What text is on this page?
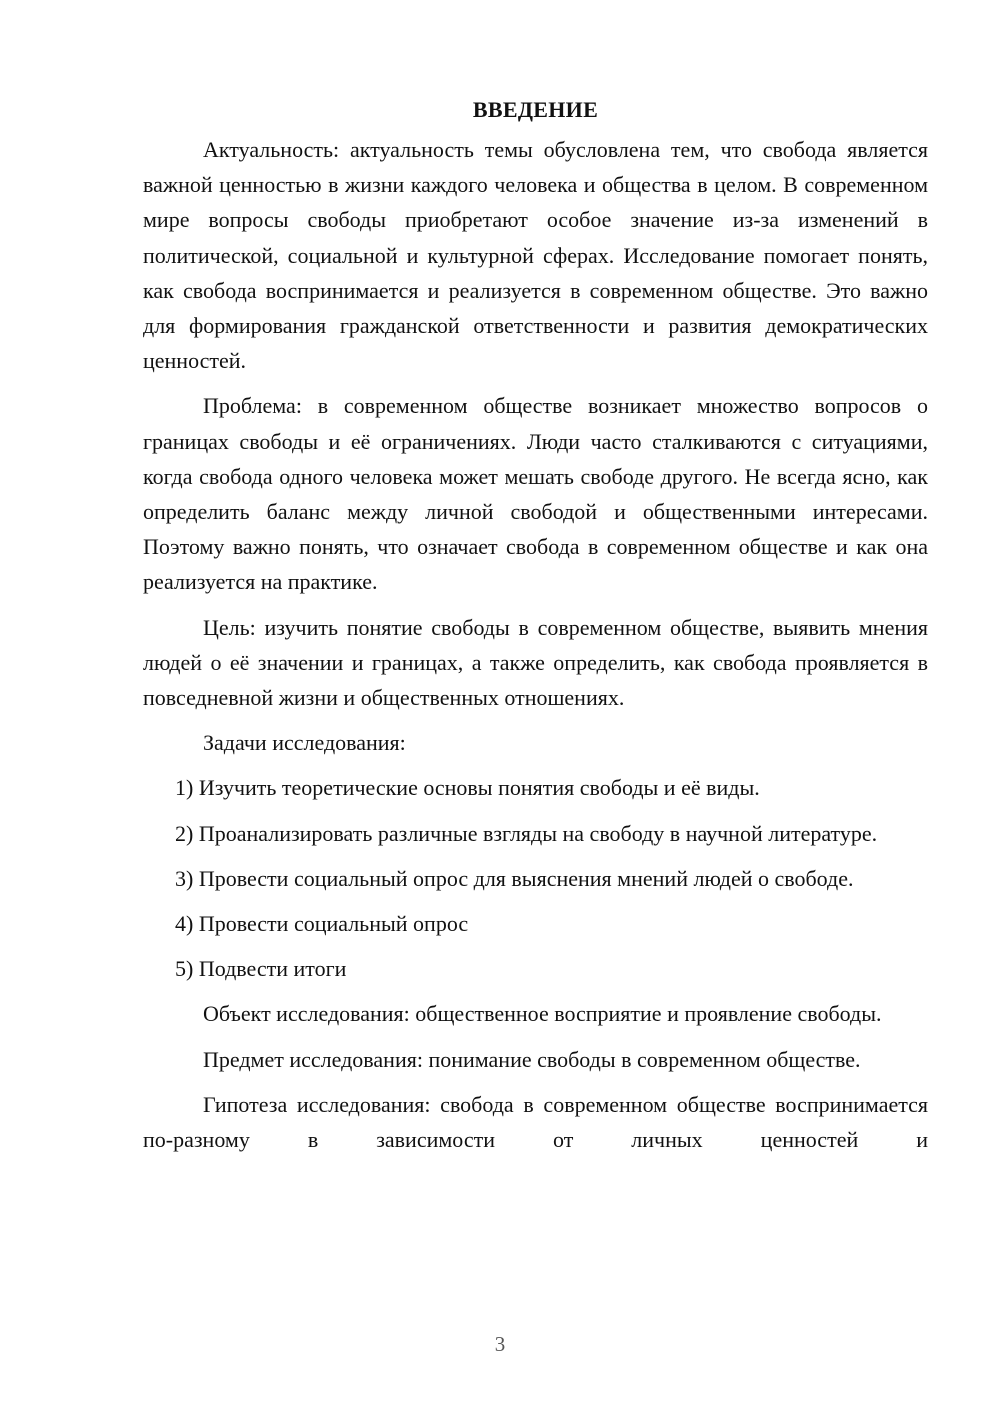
ВВЕДЕНИЕ

Актуальность: актуальность темы обусловлена тем, что свобода является важной ценностью в жизни каждого человека и общества в целом. В современном мире вопросы свободы приобретают особое значение из-за изменений в политической, социальной и культурной сферах. Исследование помогает понять, как свобода воспринимается и реализуется в современном обществе. Это важно для формирования гражданской ответственности и развития демократических ценностей.

Проблема: в современном обществе возникает множество вопросов о границах свободы и её ограничениях. Люди часто сталкиваются с ситуациями, когда свобода одного человека может мешать свободе другого. Не всегда ясно, как определить баланс между личной свободой и общественными интересами. Поэтому важно понять, что означает свобода в современном обществе и как она реализуется на практике.

Цель: изучить понятие свободы в современном обществе, выявить мнения людей о её значении и границах, а также определить, как свобода проявляется в повседневной жизни и общественных отношениях.

Задачи исследования:

1) Изучить теоретические основы понятия свободы и её виды.

2) Проанализировать различные взгляды на свободу в научной литературе.

3) Провести социальный опрос для выяснения мнений людей о свободе.

4) Провести социальный опрос

5) Подвести итоги

Объект исследования: общественное восприятие и проявление свободы.

Предмет исследования: понимание свободы в современном обществе.

Гипотеза исследования: свобода в современном обществе воспринимается по-разному в зависимости от личных ценностей и

3
